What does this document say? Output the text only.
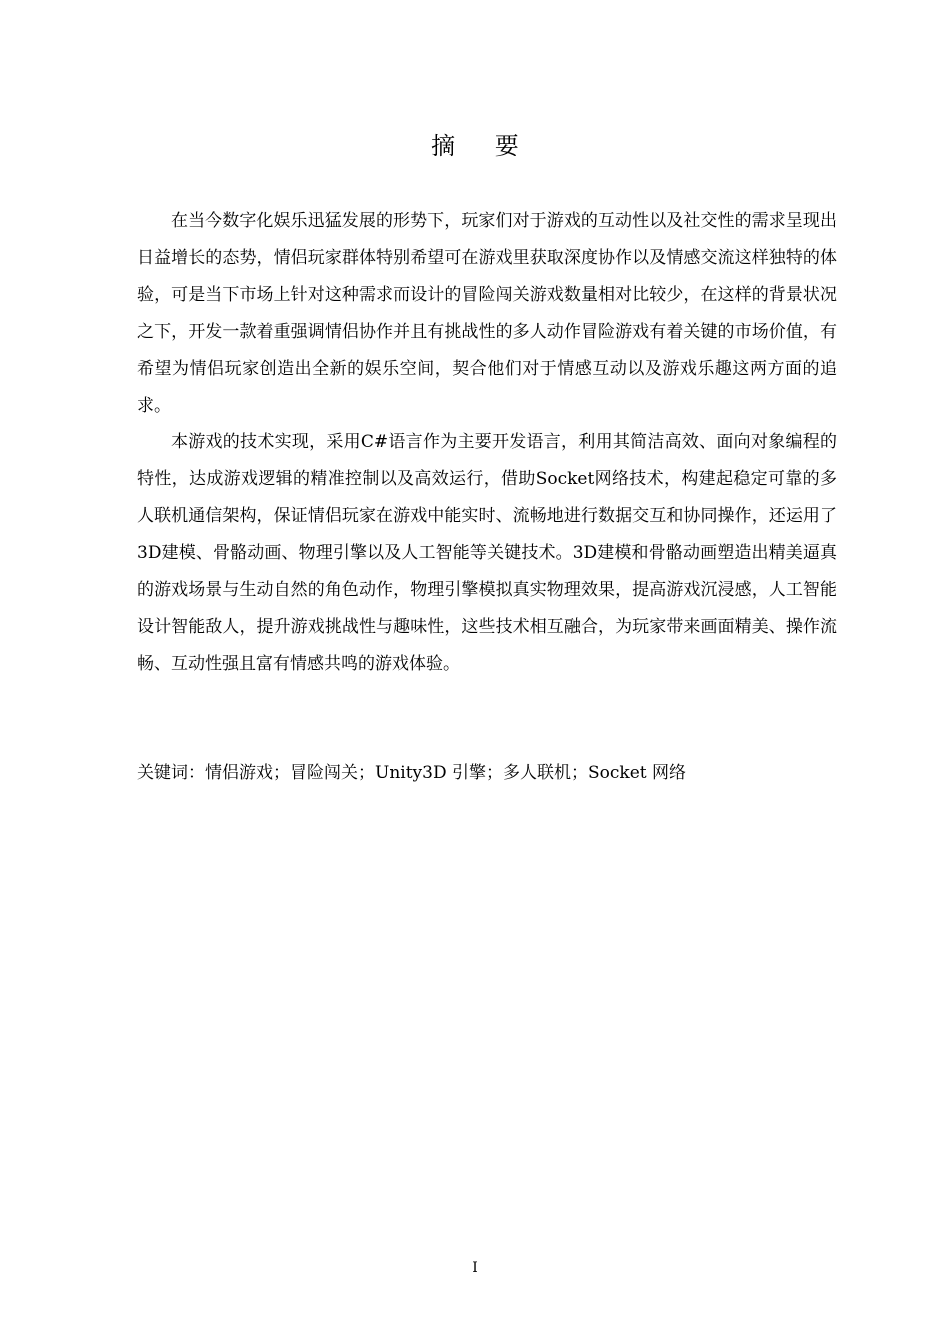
摘 要

在当今数字化娱乐迅猛发展的形势下，玩家们对于游戏的互动性以及社交性的需求呈现出日益增长的态势，情侣玩家群体特别希望可在游戏里获取深度协作以及情感交流这样独特的体验，可是当下市场上针对这种需求而设计的冒险闯关游戏数量相对比较少，在这样的背景状况之下，开发一款着重强调情侣协作并且有挑战性的多人动作冒险游戏有着关键的市场价值，有希望为情侣玩家创造出全新的娱乐空间，契合他们对于情感互动以及游戏乐趣这两方面的追求。

本游戏的技术实现，采用C#语言作为主要开发语言，利用其简洁高效、面向对象编程的特性，达成游戏逻辑的精准控制以及高效运行，借助Socket网络技术，构建起稳定可靠的多人联机通信架构，保证情侣玩家在游戏中能实时、流畅地进行数据交互和协同操作，还运用了3D建模、骨骼动画、物理引擎以及人工智能等关键技术。3D建模和骨骼动画塑造出精美逼真的游戏场景与生动自然的角色动作，物理引擎模拟真实物理效果，提高游戏沉浸感，人工智能设计智能敌人，提升游戏挑战性与趣味性，这些技术相互融合，为玩家带来画面精美、操作流畅、互动性强且富有情感共鸣的游戏体验。

关键词：情侣游戏；冒险闯关；Unity3D 引擎；多人联机；Socket 网络
I
